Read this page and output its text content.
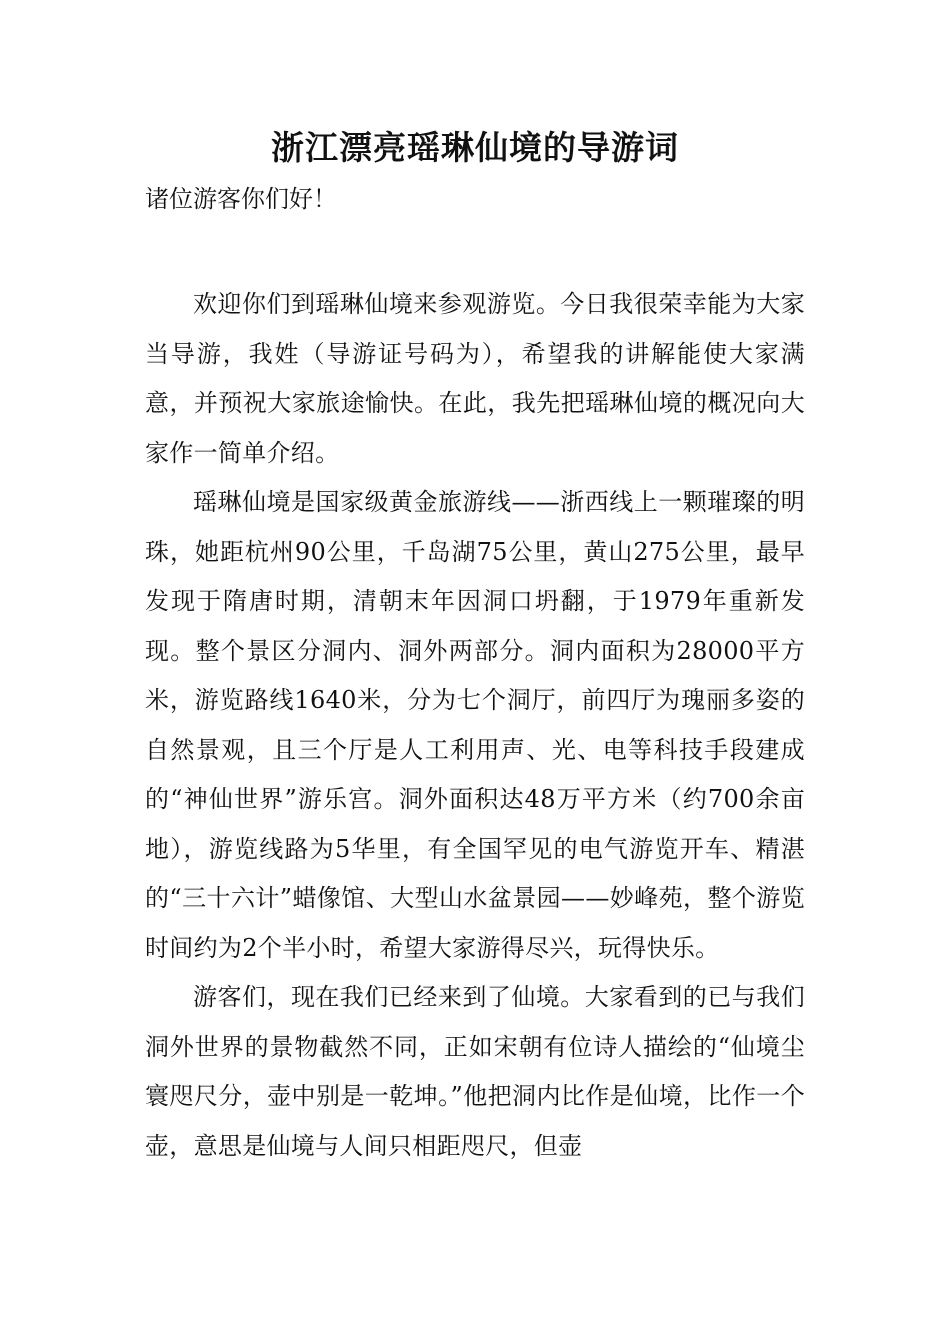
浙江漂亮瑶琳仙境的导游词

诸位游客你们好！

欢迎你们到瑶琳仙境来参观游览。今日我很荣幸能为大家当导游，我姓（导游证号码为），希望我的讲解能使大家满意，并预祝大家旅途愉快。在此，我先把瑶琳仙境的概况向大家作一简单介绍。

瑶琳仙境是国家级黄金旅游线——浙西线上一颗璀璨的明珠，她距杭州90公里，千岛湖75公里，黄山275公里，最早发现于隋唐时期，清朝末年因洞口坍翻，于1979年重新发现。整个景区分洞内、洞外两部分。洞内面积为28000平方米，游览路线1640米，分为七个洞厅，前四厅为瑰丽多姿的自然景观，且三个厅是人工利用声、光、电等科技手段建成的“神仙世界”游乐宫。洞外面积达48万平方米（约700余亩地），游览线路为5华里，有全国罕见的电气游览开车、精湛的“三十六计”蜡像馆、大型山水盆景园——妙峰苑，整个游览时间约为2个半小时，希望大家游得尽兴，玩得快乐。

游客们，现在我们已经来到了仙境。大家看到的已与我们洞外世界的景物截然不同，正如宋朝有位诗人描绘的“仙境尘寰咫尺分，壶中别是一乾坤。”他把洞内比作是仙境，比作一个壶，意思是仙境与人间只相距咫尺，但壶
